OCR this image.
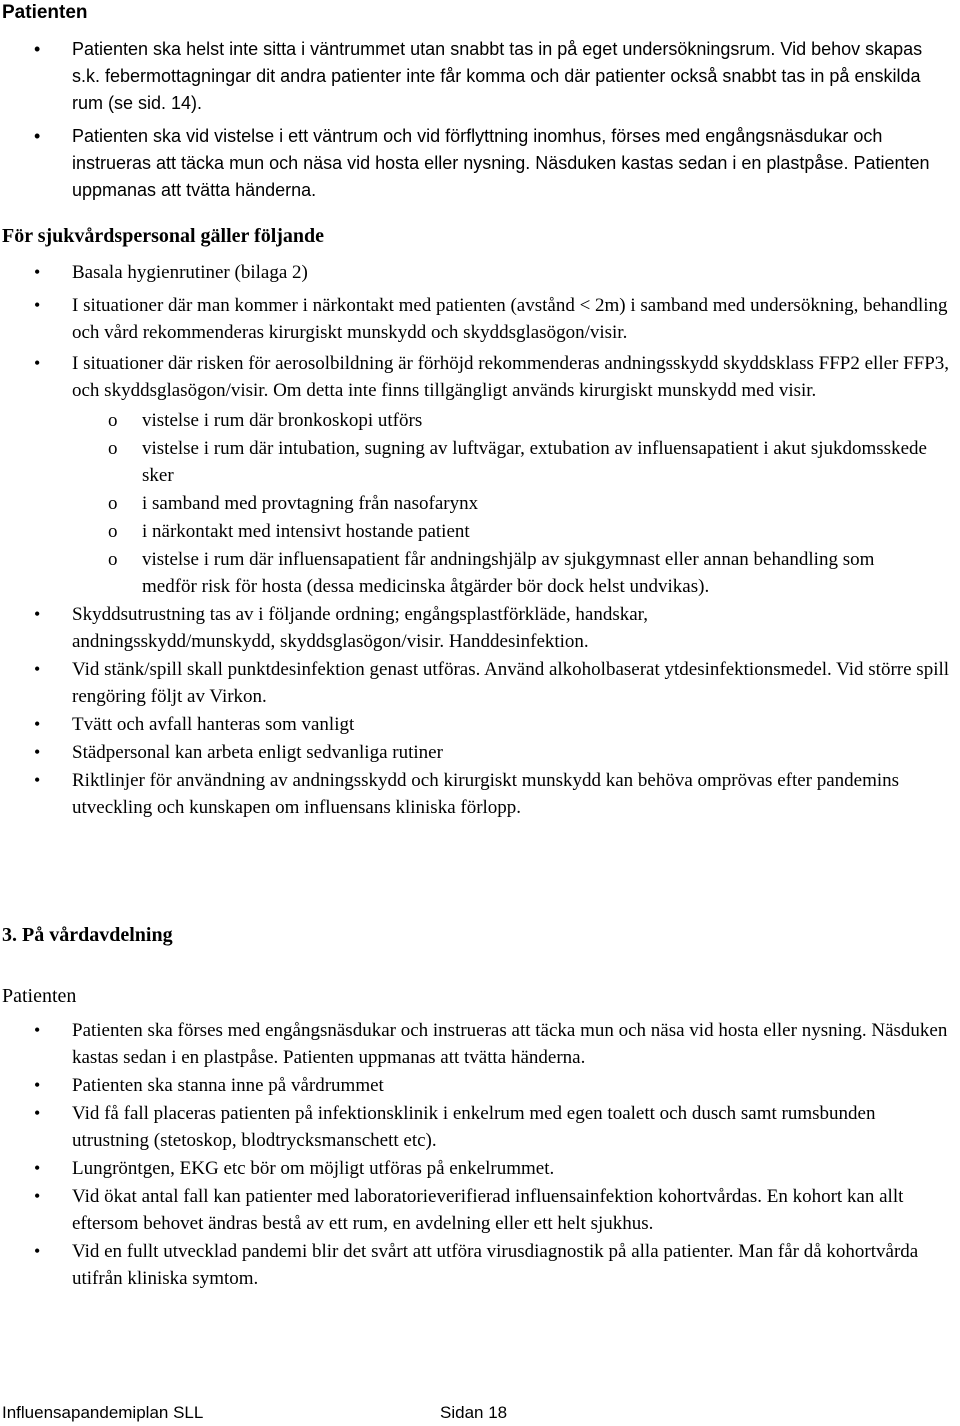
Patienten
• Patienten ska helst inte sitta i väntrummet utan snabbt tas in på eget undersökningsrum. Vid behov skapas s.k. febermottagningar dit andra patienter inte får komma och där patienter också snabbt tas in på enskilda rum (se sid. 14).
• Patienten ska vid vistelse i ett väntrum och vid förflyttning inomhus, förses med engångsnäsdukar och instrueras att täcka mun och näsa vid hosta eller nysning. Näsduken kastas sedan i en plastpåse. Patienten uppmanas att tvätta händerna.
För sjukvårdspersonal gäller följande
• Basala hygienrutiner (bilaga 2)
• I situationer där man kommer i närkontakt med patienten (avstånd < 2m) i samband med undersökning, behandling och vård rekommenderas kirurgiskt munskydd och skyddsglasögon/visir.
• I situationer där risken för aerosolbildning är förhöjd rekommenderas andningsskydd skyddsklass FFP2 eller FFP3, och skyddsglasögon/visir. Om detta inte finns tillgängligt används kirurgiskt munskydd med visir.
o vistelse i rum där bronkoskopi utförs
o vistelse i rum där intubation, sugning av luftvägar, extubation av influensapatient i akut sjukdomsskede sker
o i samband med provtagning från nasofarynx
o i närkontakt med intensivt hostande patient
o vistelse i rum där influensapatient får andningshjälp av sjukgymnast eller annan behandling som medför risk för hosta (dessa medicinska åtgärder bör dock helst undvikas).
• Skyddsutrustning tas av i följande ordning; engångsplastförkläde, handskar, andningsskydd/munskydd, skyddsglasögon/visir. Handdesinfektion.
• Vid stänk/spill skall punktdesinfektion genast utföras. Använd alkoholbaserat ytdesinfektionsmedel. Vid större spill rengöring följt av Virkon.
• Tvätt och avfall hanteras som vanligt
• Städpersonal kan arbeta enligt sedvanliga rutiner
• Riktlinjer för användning av andningsskydd och kirurgiskt munskydd kan behöva omprövas efter pandemins utveckling och kunskapen om influensans kliniska förlopp.
3. På vårdavdelning
Patienten
• Patienten ska förses med engångsnäsdukar och instrueras att täcka mun och näsa vid hosta eller nysning. Näsduken kastas sedan i en plastpåse. Patienten uppmanas att tvätta händerna.
• Patienten ska stanna inne på vårdrummet
• Vid få fall placeras patienten på infektionsklinik i enkelrum med egen toalett och dusch samt rumsbunden utrustning (stetoskop, blodtrycksmanschett etc).
• Lungröntgen, EKG etc bör om möjligt utföras på enkelrummet.
• Vid ökat antal fall kan patienter med laboratorieverifierad influensainfektion kohortvårdas. En kohort kan allt eftersom behovet ändras bestå av ett rum, en avdelning eller ett helt sjukhus.
• Vid en fullt utvecklad pandemi blir det svårt att utföra virusdiagnostik på alla patienter. Man får då kohortvårda utifrån kliniska symtom.
Influensapandemiplan SLL	Sidan 18
